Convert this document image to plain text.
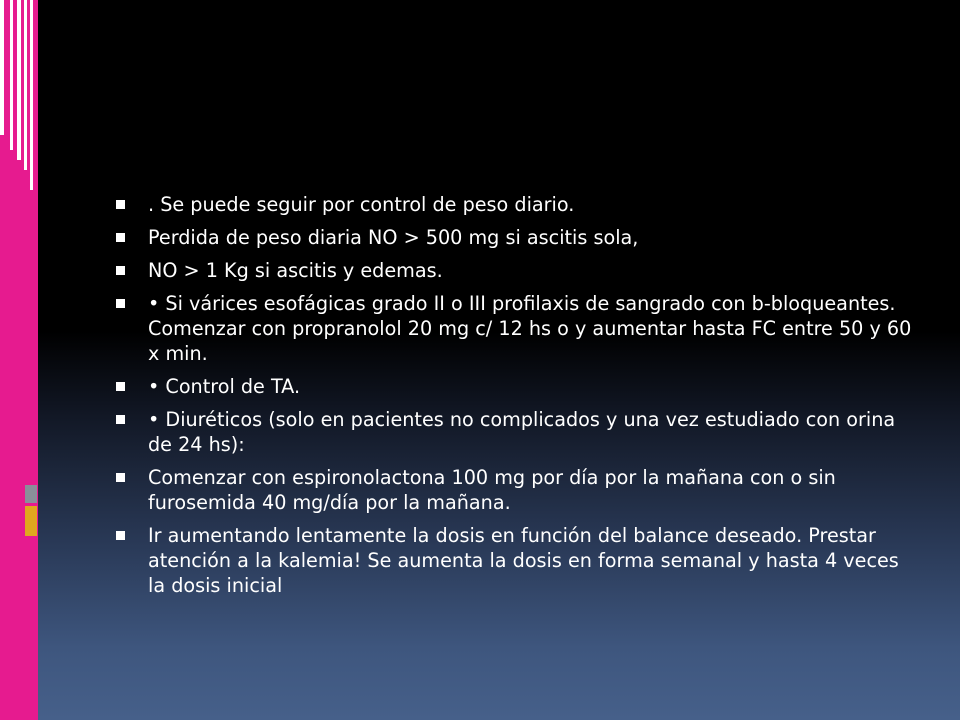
. Se puede seguir por control de peso diario.
Perdida de peso diaria NO > 500 mg si ascitis sola,
NO > 1 Kg si ascitis y edemas.
• Si várices esofágicas grado II o III profilaxis de sangrado con b-bloqueantes. Comenzar con propranolol 20 mg c/ 12 hs o y aumentar hasta FC entre 50 y 60 x min.
• Control de TA.
• Diuréticos (solo en pacientes no complicados y una vez estudiado con orina de 24 hs):
Comenzar con espironolactona 100 mg por día por la mañana con o sin furosemida 40 mg/día por la mañana.
Ir aumentando lentamente la dosis en función del balance deseado. Prestar atención a la kalemia! Se aumenta la dosis en forma semanal y hasta 4 veces la dosis inicial
